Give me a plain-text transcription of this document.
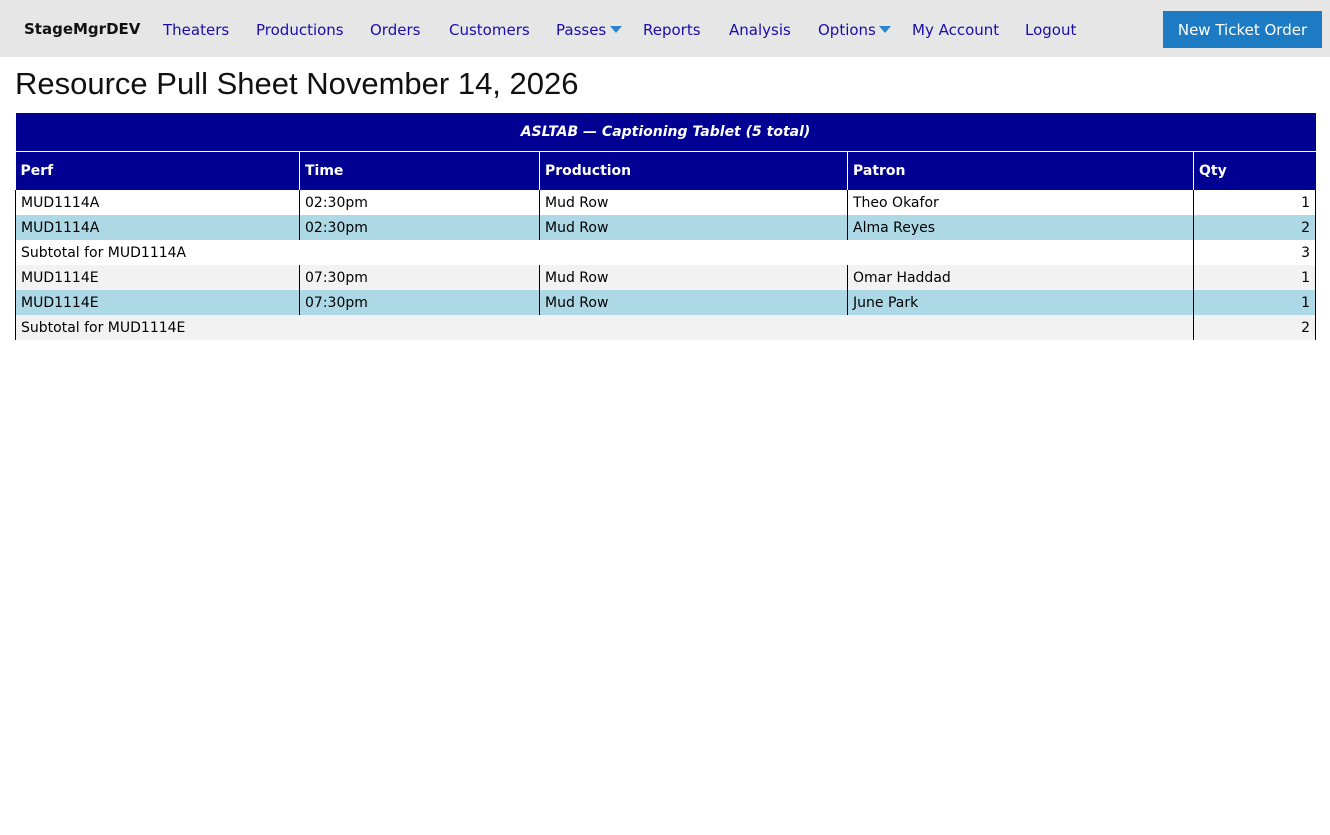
StageMgrDEV Theaters Productions Orders Customers Passes Reports Analysis Options My Account Logout	New Ticket Order
Resource Pull Sheet November 14, 2026
ASLTAB — Captioning Tablet (5 total)				
Perf	Time	Production	Patron	Qty
MUD1114A	02:30pm	Mud Row	Theo Okafor	1
MUD1114A	02:30pm	Mud Row	Alma Reyes	2
Subtotal for MUD1114A				3
MUD1114E	07:30pm	Mud Row	Omar Haddad	1
MUD1114E	07:30pm	Mud Row	June Park	1
Subtotal for MUD1114E				2
